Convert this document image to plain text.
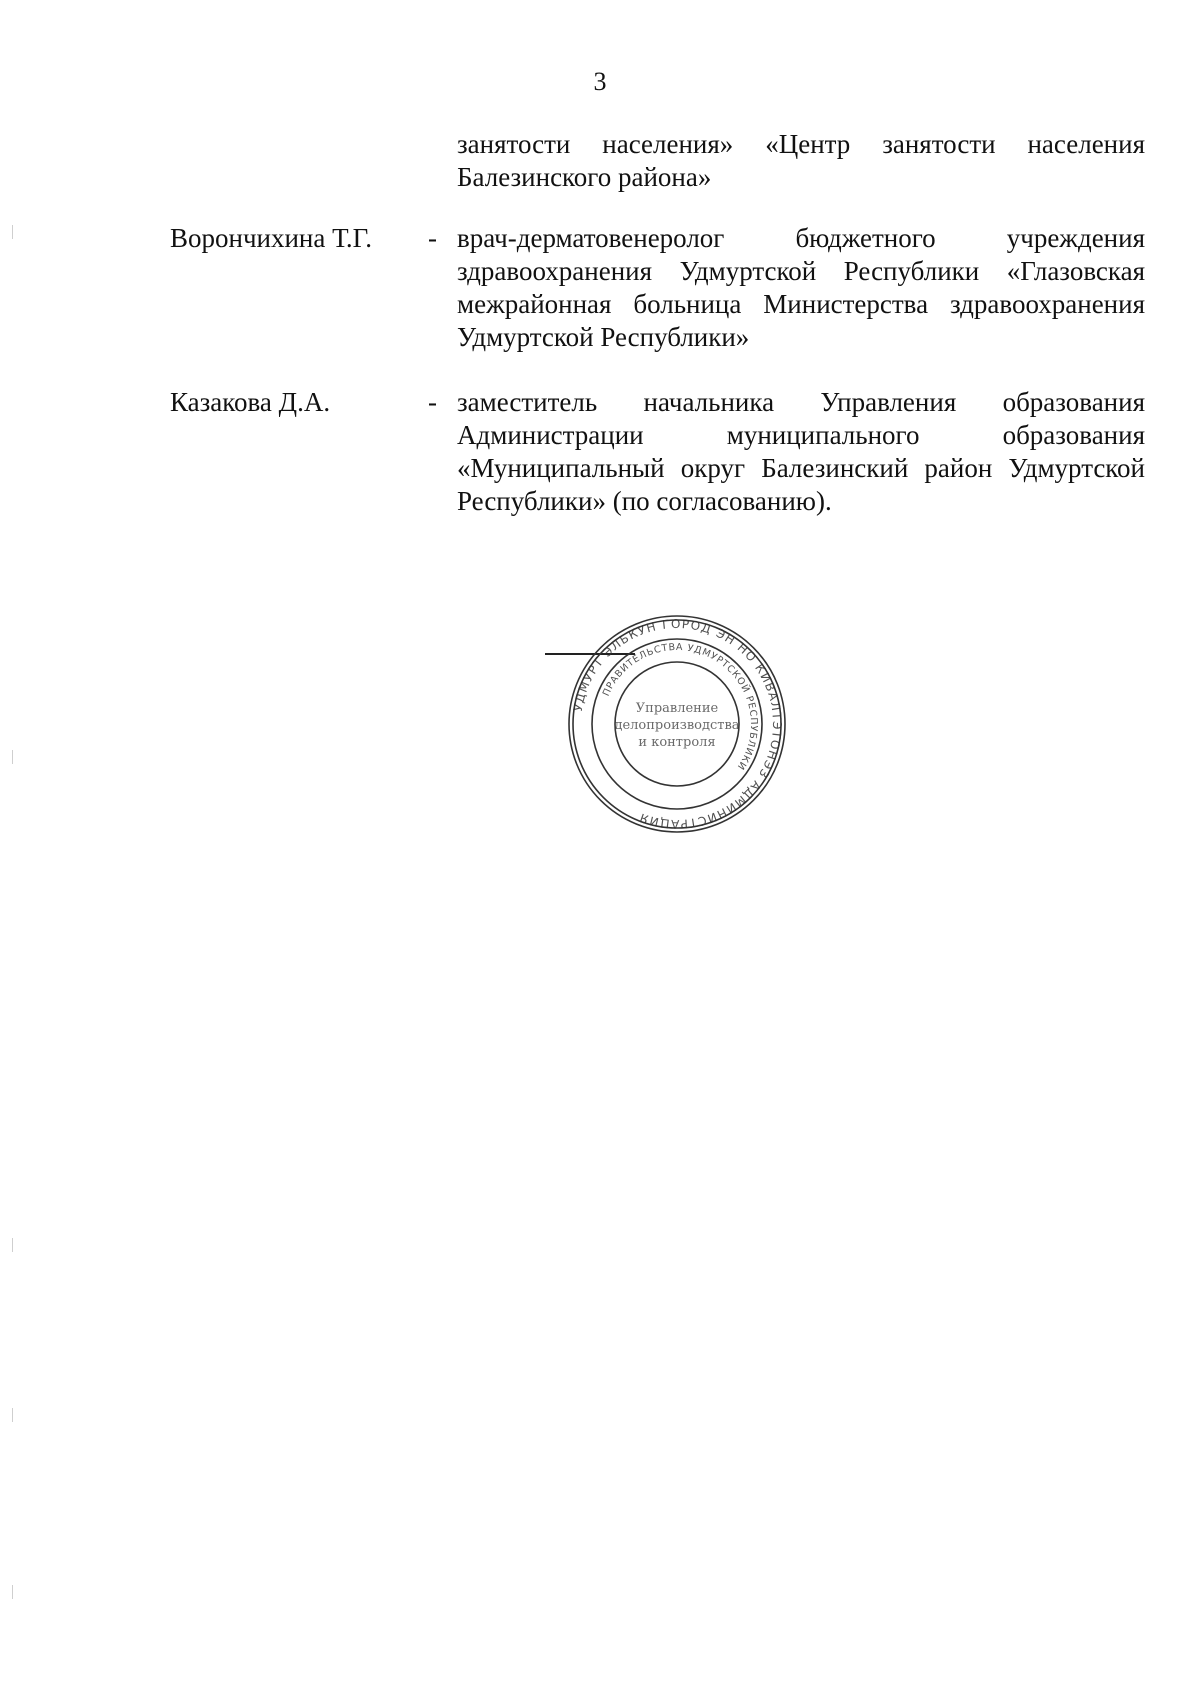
3
занятости населения» «Центр занятости населения Балезинского района»
Ворончихина Т.Г. - врач-дерматовенеролог бюджетного учреждения здравоохранения Удмуртской Республики «Глазовская межрайонная больница Министерства здравоохранения Удмуртской Республики»
Казакова Д.А.	- заместитель начальника Управления образования Администрации муниципального образования «Муниципальный округ Балезинский район Удмуртской Республики» (по согласованию).
УДМУРТ ЭЛЬКУН ГОРОД ЭН НО КИВАЛТЭТОНЭЗ АДМИНИСТРАЦИЯ
ПРАВИТЕЛЬСТВА УДМУРТСКОЙ РЕСПУБЛИКИ
Управление
делопроизводства
и контроля
